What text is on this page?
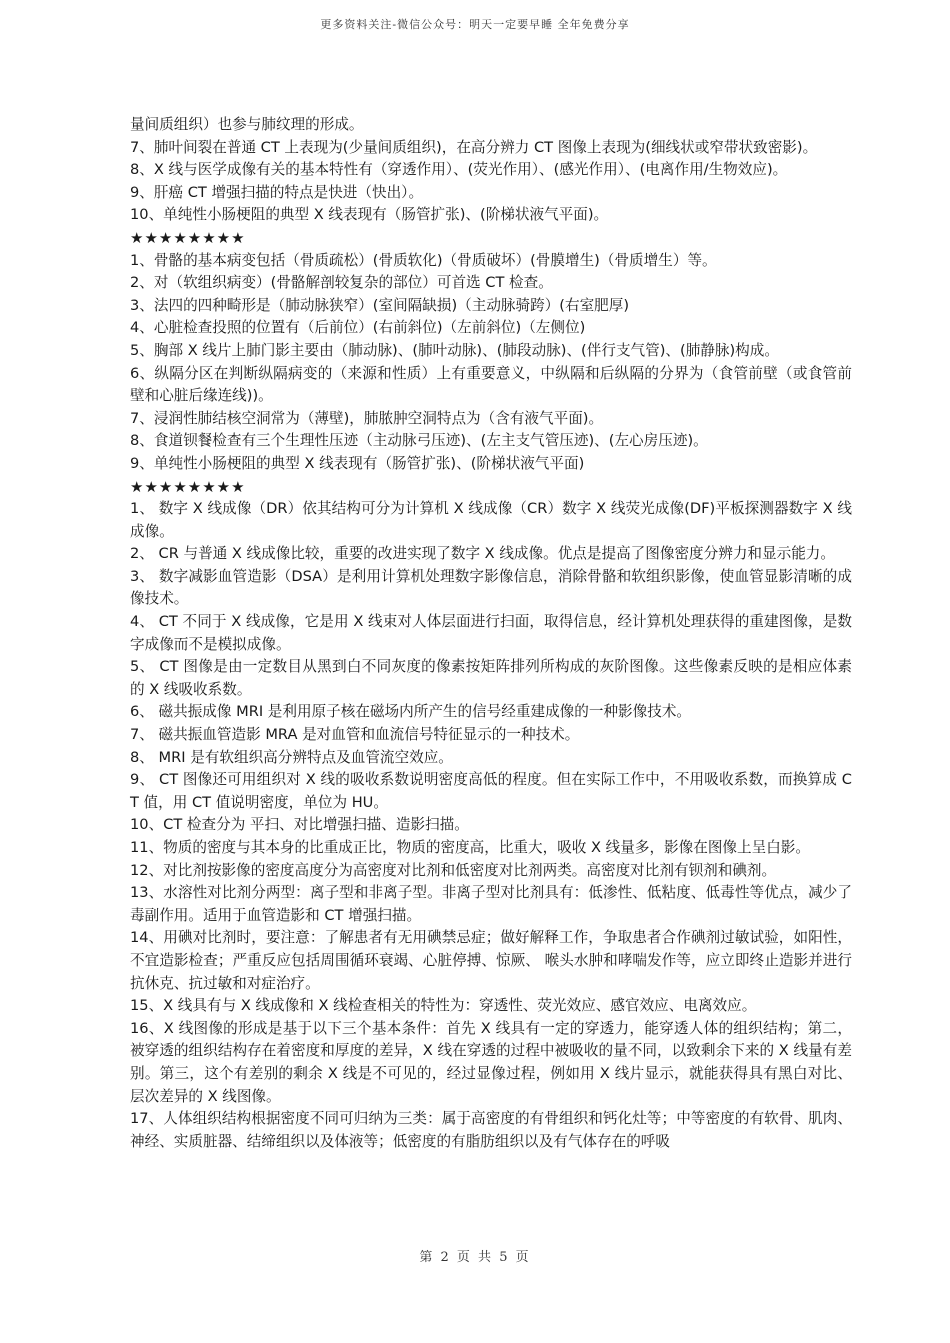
更多资料关注-微信公众号：明天一定要早睡 全年免费分享

量间质组织）也参与肺纹理的形成。

7、肺叶间裂在普通 CT 上表现为(少量间质组织)，在高分辨力 CT 图像上表现为(细线状或窄带状致密影)。

8、X 线与医学成像有关的基本特性有（穿透作用）、(荧光作用）、(感光作用）、(电离作用/生物效应)。

9、肝癌 CT 增强扫描的特点是快进（快出）。

10、单纯性小肠梗阻的典型 X 线表现有（肠管扩张)、(阶梯状液气平面)。

★★★★★★★★

1、骨骼的基本病变包括（骨质疏松）(骨质软化)（骨质破坏）(骨膜增生)（骨质增生）等。

2、对（软组织病变）(骨骼解剖较复杂的部位）可首选 CT 检查。

3、法四的四种畸形是（肺动脉狭窄）(室间隔缺损)（主动脉骑跨）(右室肥厚)

4、心脏检查投照的位置有（后前位）(右前斜位)（左前斜位)（左侧位)

5、胸部 X 线片上肺门影主要由（肺动脉)、(肺叶动脉)、(肺段动脉)、(伴行支气管)、(肺静脉)构成。

6、纵隔分区在判断纵隔病变的（来源和性质）上有重要意义，中纵隔和后纵隔的分界为（食管前壁（或食管前壁和心脏后缘连线))。

7、浸润性肺结核空洞常为（薄壁)，肺脓肿空洞特点为（含有液气平面)。

8、食道钡餐检查有三个生理性压迹（主动脉弓压迹)、(左主支气管压迹)、(左心房压迹)。

9、单纯性小肠梗阻的典型 X 线表现有（肠管扩张)、(阶梯状液气平面)

★★★★★★★★

1、 数字 X 线成像（DR）依其结构可分为计算机 X 线成像（CR）数字 X 线荧光成像(DF)平板探测器数字 X 线成像。

2、 CR 与普通 X 线成像比较，重要的改进实现了数字 X 线成像。优点是提高了图像密度分辨力和显示能力。

3、 数字减影血管造影（DSA）是利用计算机处理数字影像信息，消除骨骼和软组织影像，使血管显影清晰的成像技术。

4、 CT 不同于 X 线成像，它是用 X 线束对人体层面进行扫面，取得信息，经计算机处理获得的重建图像，是数字成像而不是模拟成像。

5、 CT 图像是由一定数目从黑到白不同灰度的像素按矩阵排列所构成的灰阶图像。这些像素反映的是相应体素的 X 线吸收系数。

6、 磁共振成像 MRI 是利用原子核在磁场内所产生的信号经重建成像的一种影像技术。

7、 磁共振血管造影 MRA 是对血管和血流信号特征显示的一种技术。

8、 MRI 是有软组织高分辨特点及血管流空效应。

9、 CT 图像还可用组织对 X 线的吸收系数说明密度高低的程度。但在实际工作中，不用吸收系数，而换算成 CT 值，用 CT 值说明密度，单位为 HU。

10、CT 检查分为 平扫、对比增强扫描、造影扫描。

11、物质的密度与其本身的比重成正比，物质的密度高，比重大，吸收 X 线量多，影像在图像上呈白影。

12、对比剂按影像的密度高度分为高密度对比剂和低密度对比剂两类。高密度对比剂有钡剂和碘剂。

13、水溶性对比剂分两型：离子型和非离子型。非离子型对比剂具有：低渗性、低粘度、低毒性等优点，减少了毒副作用。适用于血管造影和 CT 增强扫描。

14、用碘对比剂时，要注意：了解患者有无用碘禁忌症；做好解释工作，争取患者合作碘剂过敏试验，如阳性，不宜造影检查；严重反应包括周围循环衰竭、心脏停搏、惊厥、 喉头水肿和哮喘发作等，应立即终止造影并进行抗休克、抗过敏和对症治疗。

15、X 线具有与 X 线成像和 X 线检查相关的特性为：穿透性、荧光效应、感官效应、电离效应。

16、X 线图像的形成是基于以下三个基本条件：首先 X 线具有一定的穿透力，能穿透人体的组织结构；第二，被穿透的组织结构存在着密度和厚度的差异，X 线在穿透的过程中被吸收的量不同，以致剩余下来的 X 线量有差别。第三，这个有差别的剩余 X 线是不可见的，经过显像过程，例如用 X 线片显示，就能获得具有黑白对比、层次差异的 X 线图像。

17、人体组织结构根据密度不同可归纳为三类：属于高密度的有骨组织和钙化灶等；中等密度的有软骨、肌肉、神经、实质脏器、结缔组织以及体液等；低密度的有脂肪组织以及有气体存在的呼吸

第 2 页 共 5 页
